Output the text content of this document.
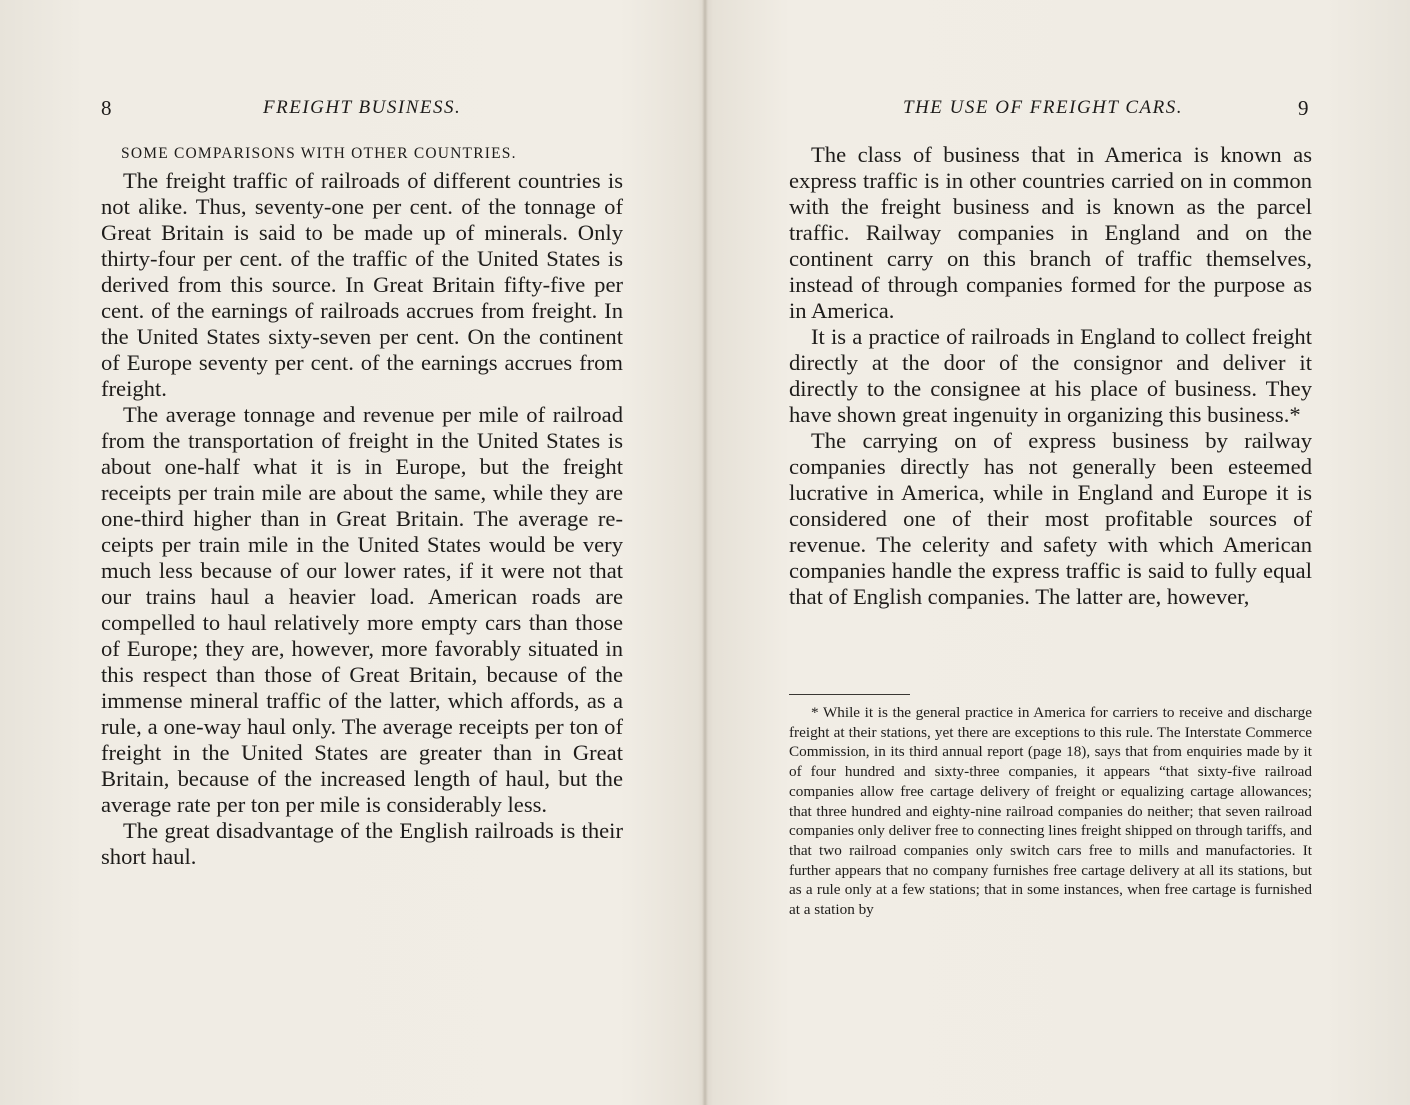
8	FREIGHT BUSINESS.
SOME COMPARISONS WITH OTHER COUNTRIES.

The freight traffic of railroads of different countries is not alike. Thus, seventy-one per cent. of the tonnage of Great Britain is said to be made up of minerals. Only thirty-four per cent. of the traffic of the United States is derived from this source. In Great Britain fifty-five per cent. of the earnings of railroads accrues from freight. In the United States sixty-seven per cent. On the continent of Europe seventy per cent. of the earnings accrues from freight.

The average tonnage and revenue per mile of railroad from the transportation of freight in the United States is about one-half what it is in Europe, but the freight receipts per train mile are about the same, while they are one-third higher than in Great Britain. The average receipts per train mile in the United States would be very much less because of our lower rates, if it were not that our trains haul a heavier load. American roads are compelled to haul relatively more empty cars than those of Europe; they are, however, more favorably situated in this respect than those of Great Britain, because of the immense mineral traffic of the latter, which affords, as a rule, a one-way haul only. The average receipts per ton of freight in the United States are greater than in Great Britain, because of the increased length of haul, but the average rate per ton per mile is considerably less.

The great disadvantage of the English railroads is their short haul.

THE USE OF FREIGHT CARS.	9

The class of business that in America is known as express traffic is in other countries carried on in common with the freight business and is known as the parcel traffic. Railway companies in England and on the continent carry on this branch of traffic themselves, instead of through companies formed for the purpose as in America.

It is a practice of railroads in England to collect freight directly at the door of the consignor and deliver it directly to the consignee at his place of business. They have shown great ingenuity in organizing this business.*

The carrying on of express business by railway companies directly has not generally been esteemed lucrative in America, while in England and Europe it is considered one of their most profitable sources of revenue. The celerity and safety with which American companies handle the express traffic is said to fully equal that of English companies. The latter are, however,

* While it is the general practice in America for carriers to receive and discharge freight at their stations, yet there are exceptions to this rule. The Interstate Commerce Commission, in its third annual report (page 18), says that from enquiries made by it of four hundred and sixty-three companies, it appears “that sixty-five railroad companies allow free cartage delivery of freight or equalizing cartage allowances; that three hundred and eighty-nine railroad companies do neither; that seven railroad companies only deliver free to connecting lines freight shipped on through tariffs, and that two railroad companies only switch cars free to mills and manufactories. It further appears that no company furnishes free cartage delivery at all its stations, but as a rule only at a few stations; that in some instances, when free cartage is furnished at a station by
